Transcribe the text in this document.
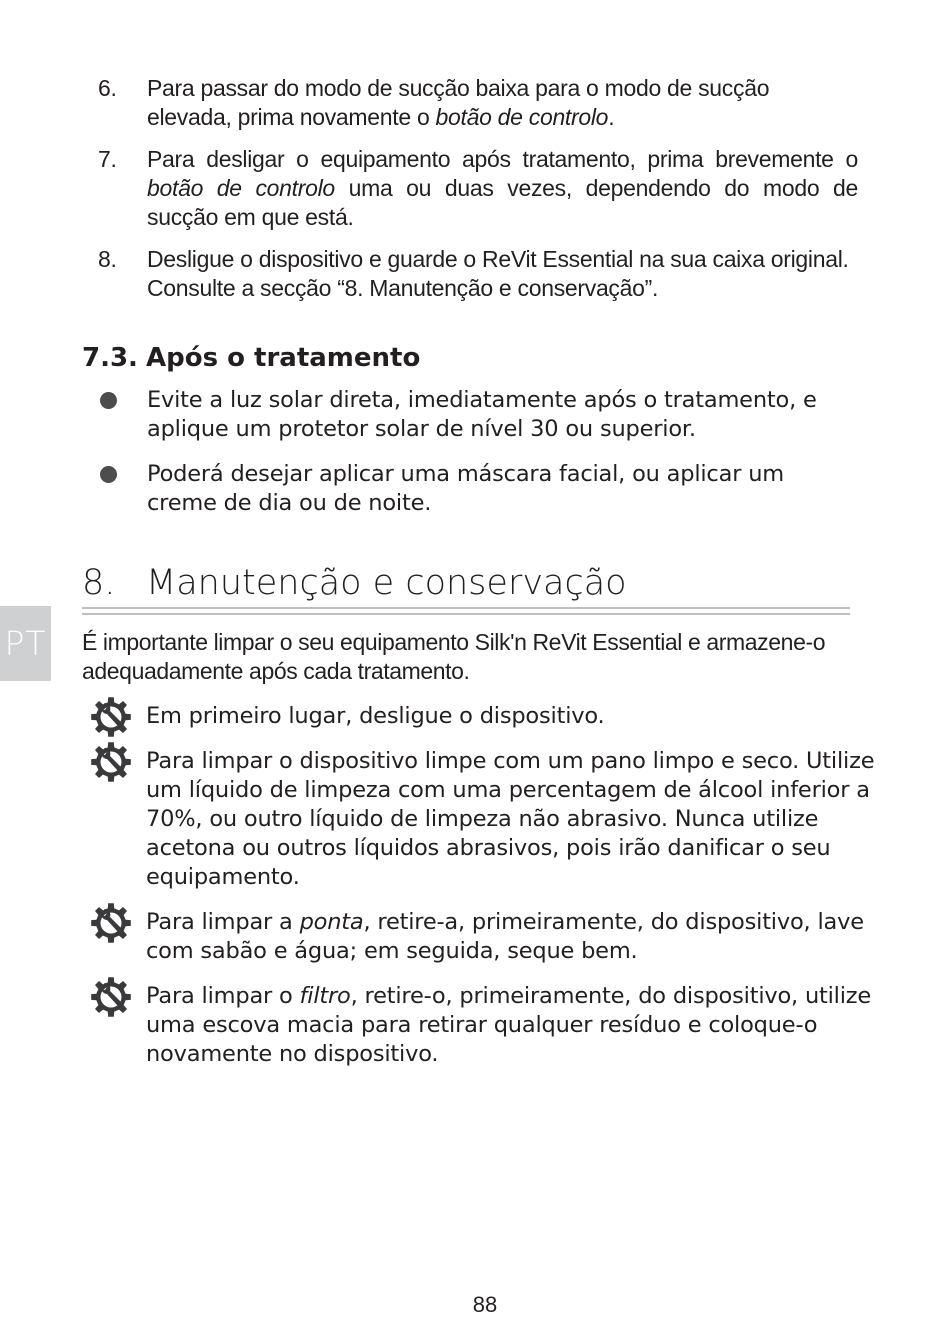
PT
6.	Para passar do modo de sucção baixa para o modo de sucção elevada, prima novamente o botão de controlo.
7.	Para desligar o equipamento após tratamento, prima brevemente o botão de controlo uma ou duas vezes, dependendo do modo de sucção em que está.
8.	Desligue o dispositivo e guarde o ReVit Essential na sua caixa original. Consulte a secção “8. Manutenção e conservação”.
7.3. Após o tratamento
Evite a luz solar direta, imediatamente após o tratamento, e aplique um protetor solar de nível 30 ou superior.
Poderá desejar aplicar uma máscara facial, ou aplicar um creme de dia ou de noite.
8. Manutenção e conservação
É importante limpar o seu equipamento Silk'n ReVit Essential e armazene-o adequadamente após cada tratamento.
Em primeiro lugar, desligue o dispositivo.
Para limpar o dispositivo limpe com um pano limpo e seco. Utilize um líquido de limpeza com uma percentagem de álcool inferior a 70%, ou outro líquido de limpeza não abrasivo. Nunca utilize acetona ou outros líquidos abrasivos, pois irão danificar o seu equipamento.
Para limpar a ponta, retire-a, primeiramente, do dispositivo, lave com sabão e água; em seguida, seque bem.
Para limpar o filtro, retire-o, primeiramente, do dispositivo, utilize uma escova macia para retirar qualquer resíduo e coloque-o novamente no dispositivo.
88
